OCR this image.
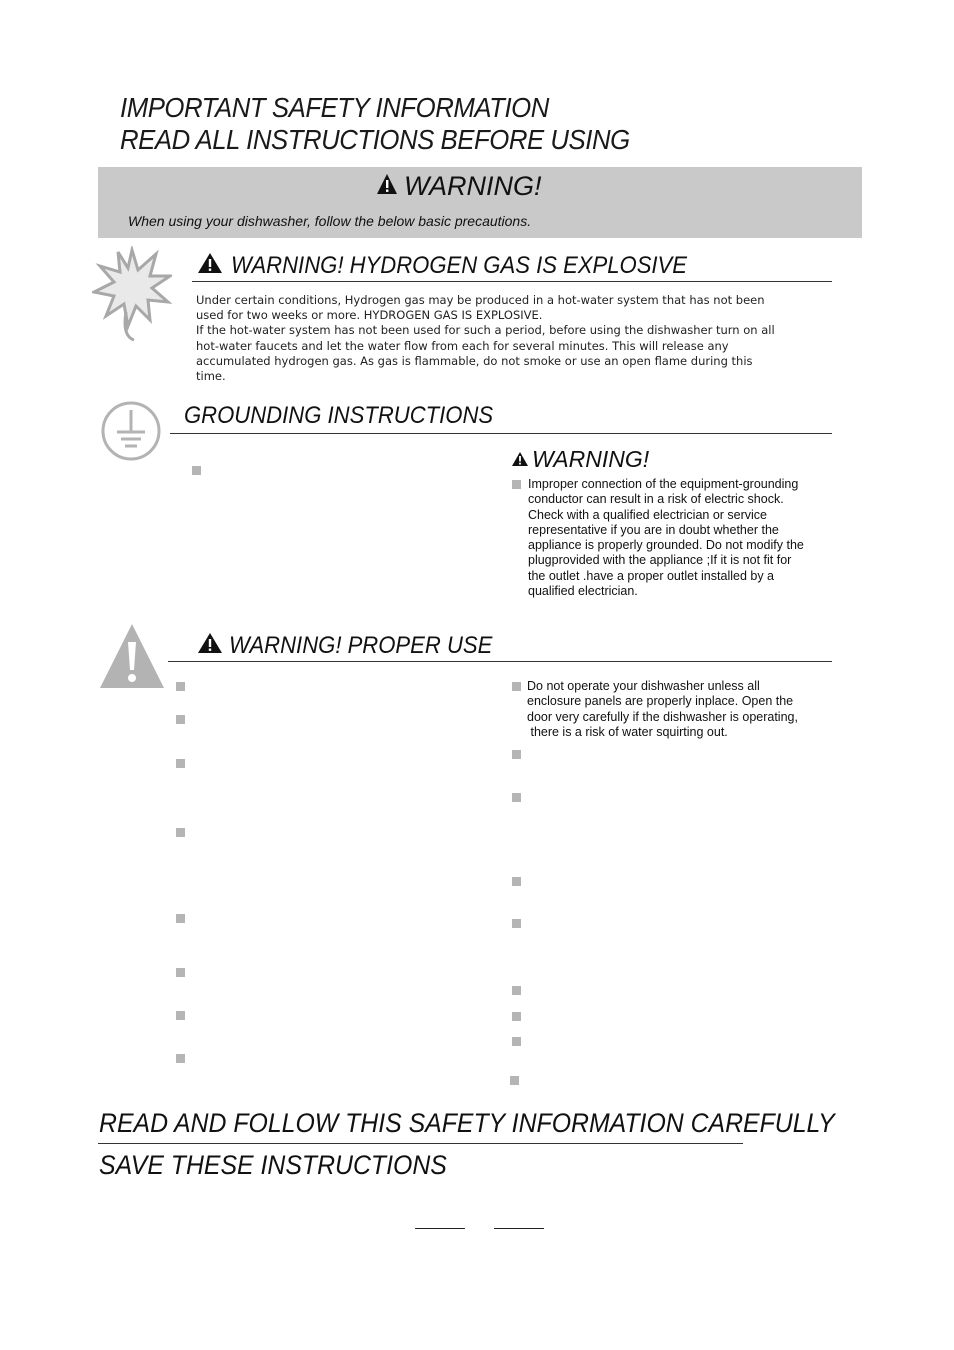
IMPORTANT SAFETY INFORMATION
READ ALL INSTRUCTIONS BEFORE USING
WARNING!
When using your dishwasher, follow the below basic precautions.
WARNING! HYDROGEN GAS IS EXPLOSIVE
Under certain conditions, Hydrogen gas may be produced in a hot-water system that has not been
used for two weeks or more. HYDROGEN GAS IS EXPLOSIVE.
If the hot-water system has not been used for such a period, before using the dishwasher turn on all
hot-water faucets and let the water flow from each for several minutes. This will release any
accumulated hydrogen gas. As gas is flammable, do not smoke or use an open flame during this
time.
GROUNDING INSTRUCTIONS
WARNING!
Improper connection of the equipment-grounding
conductor can result in a risk of electric shock.
Check with a qualified electrician or service
representative if you are in doubt whether the
appliance is properly grounded. Do not modify the
plugprovided with the appliance ;If it is not fit for
the outlet .have a proper outlet installed by a
qualified electrician.
WARNING! PROPER USE
Do not operate your dishwasher unless all
enclosure panels are properly inplace. Open the
door very carefully if the dishwasher is operating,
there is a risk of water squirting out.
READ AND FOLLOW THIS SAFETY INFORMATION CAREFULLY
SAVE THESE INSTRUCTIONS
